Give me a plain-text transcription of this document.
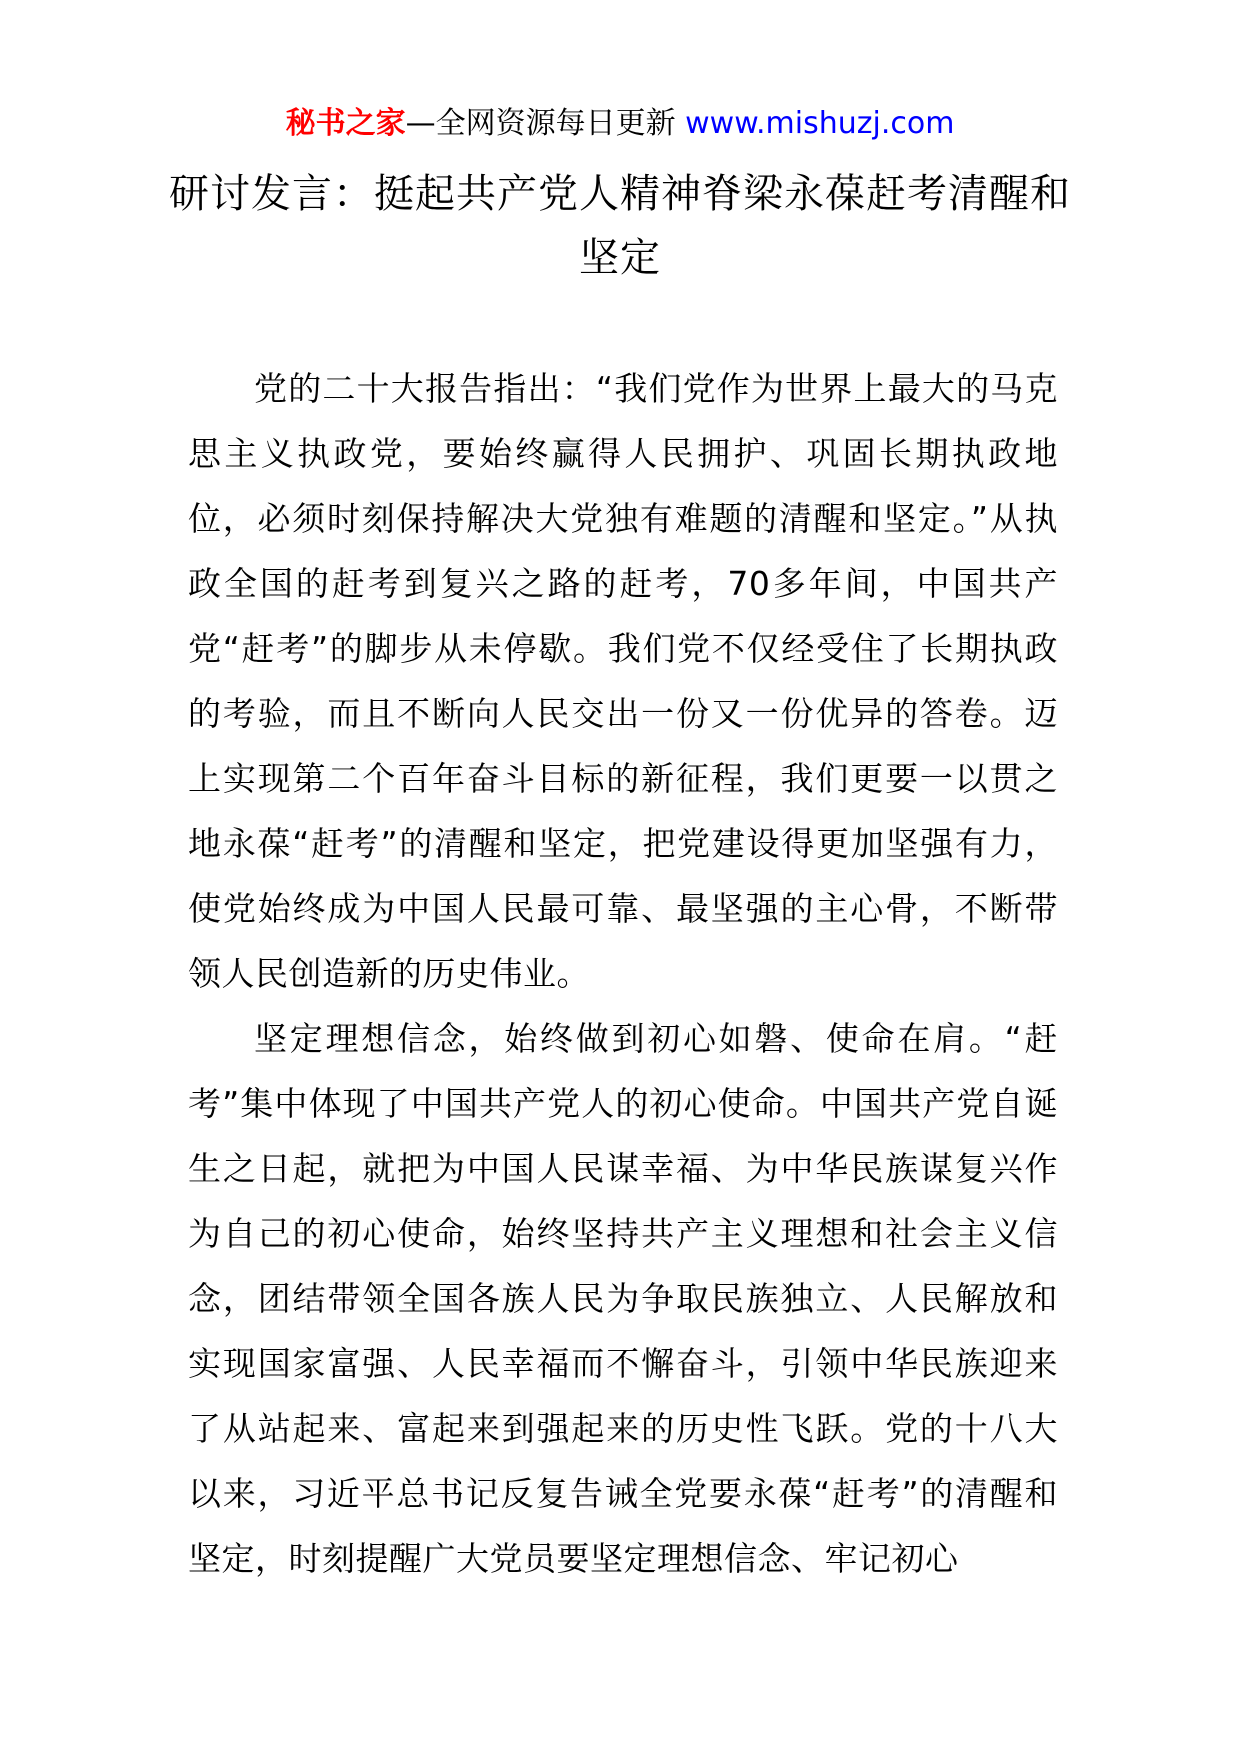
秘书之家—全网资源每日更新 www.mishuzj.com
研讨发言：挺起共产党人精神脊梁永葆赶考清醒和坚定

党的二十大报告指出：“我们党作为世界上最大的马克思主义执政党，要始终赢得人民拥护、巩固长期执政地位，必须时刻保持解决大党独有难题的清醒和坚定。”从执政全国的赶考到复兴之路的赶考，70多年间，中国共产党“赶考”的脚步从未停歇。我们党不仅经受住了长期执政的考验，而且不断向人民交出一份又一份优异的答卷。迈上实现第二个百年奋斗目标的新征程，我们更要一以贯之地永葆“赶考”的清醒和坚定，把党建设得更加坚强有力，使党始终成为中国人民最可靠、最坚强的主心骨，不断带领人民创造新的历史伟业。

坚定理想信念，始终做到初心如磐、使命在肩。“赶考”集中体现了中国共产党人的初心使命。中国共产党自诞生之日起，就把为中国人民谋幸福、为中华民族谋复兴作为自己的初心使命，始终坚持共产主义理想和社会主义信念，团结带领全国各族人民为争取民族独立、人民解放和实现国家富强、人民幸福而不懈奋斗，引领中华民族迎来了从站起来、富起来到强起来的历史性飞跃。党的十八大以来，习近平总书记反复告诫全党要永葆“赶考”的清醒和坚定，时刻提醒广大党员要坚定理想信念、牢记初心
